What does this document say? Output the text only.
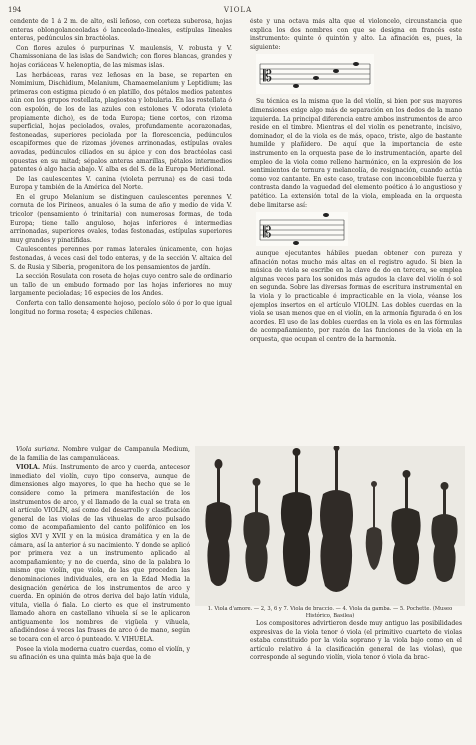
194	VIOLA

cendente de 1 á 2 m. de alto, eslí leñoso, con corteza suberosa, hojas enteras oblongolanceoladas ó lanceolado-lineales, estípulas lineales enteras, pedúnculos sin bractéolas.

Con flores azules ó purpurinas V. maulensis, V. robusta y V. Chamissoniana de las islas de Sandwich; con flores blancas, grandes y hojas coriáceas V. helenoptia, de las mismas islas.

Las herbáceas, raras vez leñosas en la base, se reparten en Nomimium, Dischidium, Melanium, Chamaemelanium y Leptidium; las primeras con estigma picudo ó en platillo, dos pétalos medios patentes aún con los grupos rostellata, plagiostea y lobularia. En las rostellata ó con espolón, de los de las azules con estolones V. odorata (violeta propiamente dicho), es de toda Europa; tiene cortos, con rizoma superficial, hojas peciolados, ovales, profundamente acorazonadas, festoneadas, superiores peciolada por la florescencia, pedúnculos escapiformes que de rizomas jóvenes arrinonadas, estípulas ovales aovadas, pedúnculos ciliados en su ápice y con dos bractéolas casi opuestas en su mitad; sépalos anteras amarillas, pétalos intermedios patentes ó algo hacia abajo. V. alba es del S. de la Europa Meridional.

De las caulescentes V. canina (violeta perruna) es de casi toda Europa y también de la América del Norte.

En el grupo Melanium se distinguen caulescentes perennes V. cornuta de los Pirineos, anuales ó la suma de año y medio de vida V. tricolor (pensamiento ó trinitaria) con numerosas formas, de toda Europa; tiene tallo anguloso, hojas inferiores é intermedias arrinonadas, superiores ovales, todas festonadas, estípulas superiores muy grandes y pinatífidas.

Caulescentes perennes por ramas laterales únicamente, con hojas festonadas, á veces casi del todo enteras, y de la sección V. altaica del S. de Rusia y Siberia, progenitora de los pensamientos de jardín.

La sección Rosulata con roseta de hojas cuyo centro sale de ordinario un tallo de un embudo formado por las hojas inferiores no muy largamente pecioladas; 16 especies de los Andes.

Conferta con tallo densamente hojoso, pecíolo sólo ó por lo que igual longitud no forma roseta; 4 especies chilenas.

Viola suriana. Nombre vulgar de Campanula Medium, de la familia de las campanuláceas.

VIOLA. Mús. Instrumento de arco y cuerda, antecesor inmediato del violín, cuyo tipo conserva, aunque de dimensiones algo mayores, lo que ha hecho que se le considere como la primera manifestación de los instrumentos de arco, y el llamado de la cual se trata en el artículo VIOLÍN, así como del desarrollo y clasificación general de las violas de las vihuelas de arco pulsado como de acompañamiento del canto polifónico en los siglos XVI y XVII y en la música dramática y en la de cámara, así la anterior á su nacimiento. Y donde se aplicó por primera vez a un instrumento aplicado al acompañamiento; y no de cuerda, sino de la palabra lo mismo que violín, que viola, de las que proceden las denominaciones individuales, era en la Edad Media la designación genérica de los instrumentos de arco y cuerda. En opinión de otros deriva del bajo latín vidula, vitula, viella ó fiala. Lo cierto es que el instrumento llamado ahora en castellano vihuela sí se le aplicaron antiguamente los nombres de vigüela y vihuela, añadiéndose á veces las frases de arco ó de mano, según se tocara con el arco ó punteado. V. VIHUELA.

Posee la viola moderna cuatro cuerdas, como el violín, y su afinación es una quinta más baja que la de

éste y una octava más alta que el violoncelo, circunstancia que explica los dos nombres con que se designa en francés este instrumento: quinte ó quintón y alto. La afinación es, pues, la siguiente:

𝄡

Su técnica es la misma que la del violín, si bien por sus mayores dimensiones exige algo más de separación en los dedos de la mano izquierda. La principal diferencia entre ambos instrumentos de arco reside en el timbre. Mientras el del violín es penetrante, incisivo, dominador, el de la viola es de más, opaco, triste, algo de bastante humilde y plañidero. De aquí que la importancia de este instrumento en la orquesta pase de lo instrumentación, aparte del empleo de la viola como relleno harmónico, en la expresión de los sentimientos de ternura y melancolía, de resignación, cuando actúa como voz cantante. En este caso, tratase con inconcebible fuerza y contrasta dando la vaguedad del elemento poético á lo angustioso y patético. La extensión total de la viola, empleada en la orquesta debe limitarse así:

𝄡

aunque ejecutantes hábiles puedan obtener con pureza y afinación notas mucho más altas en el registro agudo. Si bien la música de viola se escribe en la clave de do en tercera, se emplea algunas veces para los sonidos más agudos la clave del violín ó sol en segunda. Sobre las diversas formas de escritura instrumental en la viola y lo practicable é impracticable en la viola, véanse los ejemplos insertos en el artículo VIOLÍN. Las dobles cuerdas en la viola se usan menos que en el violín, en la armonía figurada ó en los acordes. El uso de las dobles cuerdas en la viola es en las fórmulas de acompañamiento, por razón de las funciones de la viola en la orquesta, que ocupan el centro de la harmonía.

1. Viola d'amore. — 2, 3, 6 y 7. Viola de braccio. — 4. Viola da gamba. — 5. Pochette. (Museo Histórico, Basilea)

Los compositores advirtieron desde muy antiguo las posibilidades expresivas de la viola tenor ó viola (el primitivo cuarteto de violas estaba constituido por la viola soprano y la viola bajo como en el artículo relativo á la clasificación general de las violas), que corresponde al segundo violín, viola tenor ó viola da brac-
